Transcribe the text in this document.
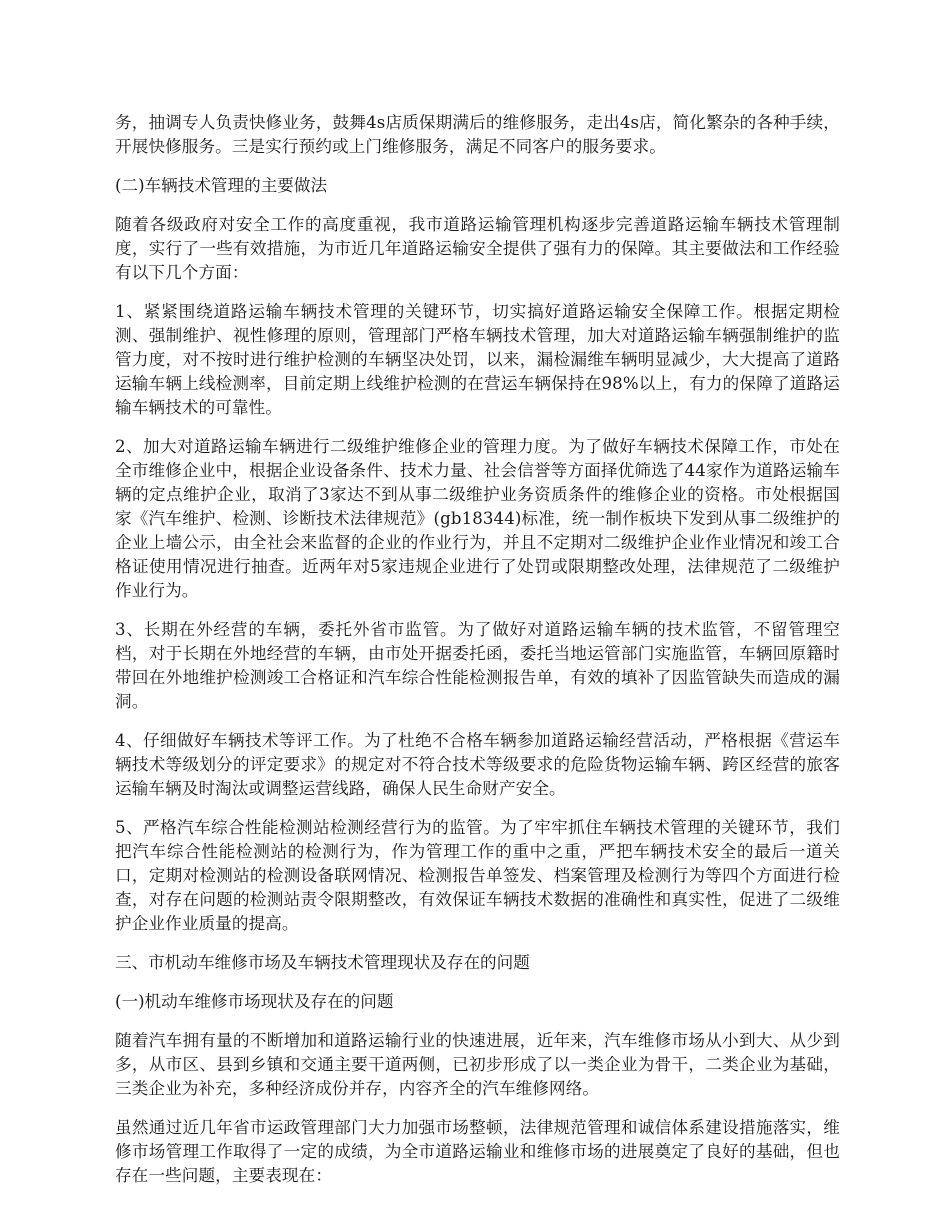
务，抽调专人负责快修业务，鼓舞4s店质保期满后的维修服务，走出4s店，简化繁杂的各种手续，开展快修服务。三是实行预约或上门维修服务，满足不同客户的服务要求。

(二)车辆技术管理的主要做法

随着各级政府对安全工作的高度重视，我市道路运输管理机构逐步完善道路运输车辆技术管理制度，实行了一些有效措施，为市近几年道路运输安全提供了强有力的保障。其主要做法和工作经验有以下几个方面：

1、紧紧围绕道路运输车辆技术管理的关键环节，切实搞好道路运输安全保障工作。根据定期检测、强制维护、视性修理的原则，管理部门严格车辆技术管理，加大对道路运输车辆强制维护的监管力度，对不按时进行维护检测的车辆坚决处罚，以来，漏检漏维车辆明显减少，大大提高了道路运输车辆上线检测率，目前定期上线维护检测的在营运车辆保持在98%以上，有力的保障了道路运输车辆技术的可靠性。

2、加大对道路运输车辆进行二级维护维修企业的管理力度。为了做好车辆技术保障工作，市处在全市维修企业中，根据企业设备条件、技术力量、社会信誉等方面择优筛选了44家作为道路运输车辆的定点维护企业，取消了3家达不到从事二级维护业务资质条件的维修企业的资格。市处根据国家《汽车维护、检测、诊断技术法律规范》(gb18344)标准，统一制作板块下发到从事二级维护的企业上墙公示，由全社会来监督的企业的作业行为，并且不定期对二级维护企业作业情况和竣工合格证使用情况进行抽查。近两年对5家违规企业进行了处罚或限期整改处理，法律规范了二级维护作业行为。

3、长期在外经营的车辆，委托外省市监管。为了做好对道路运输车辆的技术监管，不留管理空档，对于长期在外地经营的车辆，由市处开据委托函，委托当地运管部门实施监管，车辆回原籍时带回在外地维护检测竣工合格证和汽车综合性能检测报告单，有效的填补了因监管缺失而造成的漏洞。

4、仔细做好车辆技术等评工作。为了杜绝不合格车辆参加道路运输经营活动，严格根据《营运车辆技术等级划分的评定要求》的规定对不符合技术等级要求的危险货物运输车辆、跨区经营的旅客运输车辆及时淘汰或调整运营线路，确保人民生命财产安全。

5、严格汽车综合性能检测站检测经营行为的监管。为了牢牢抓住车辆技术管理的关键环节，我们把汽车综合性能检测站的检测行为，作为管理工作的重中之重，严把车辆技术安全的最后一道关口，定期对检测站的检测设备联网情况、检测报告单签发、档案管理及检测行为等四个方面进行检查，对存在问题的检测站责令限期整改，有效保证车辆技术数据的准确性和真实性，促进了二级维护企业作业质量的提高。

三、市机动车维修市场及车辆技术管理现状及存在的问题

(一)机动车维修市场现状及存在的问题

随着汽车拥有量的不断增加和道路运输行业的快速进展，近年来，汽车维修市场从小到大、从少到多，从市区、县到乡镇和交通主要干道两侧，已初步形成了以一类企业为骨干，二类企业为基础，三类企业为补充，多种经济成份并存，内容齐全的汽车维修网络。

虽然通过近几年省市运政管理部门大力加强市场整顿，法律规范管理和诚信体系建设措施落实，维修市场管理工作取得了一定的成绩，为全市道路运输业和维修市场的进展奠定了良好的基础，但也存在一些问题，主要表现在：
